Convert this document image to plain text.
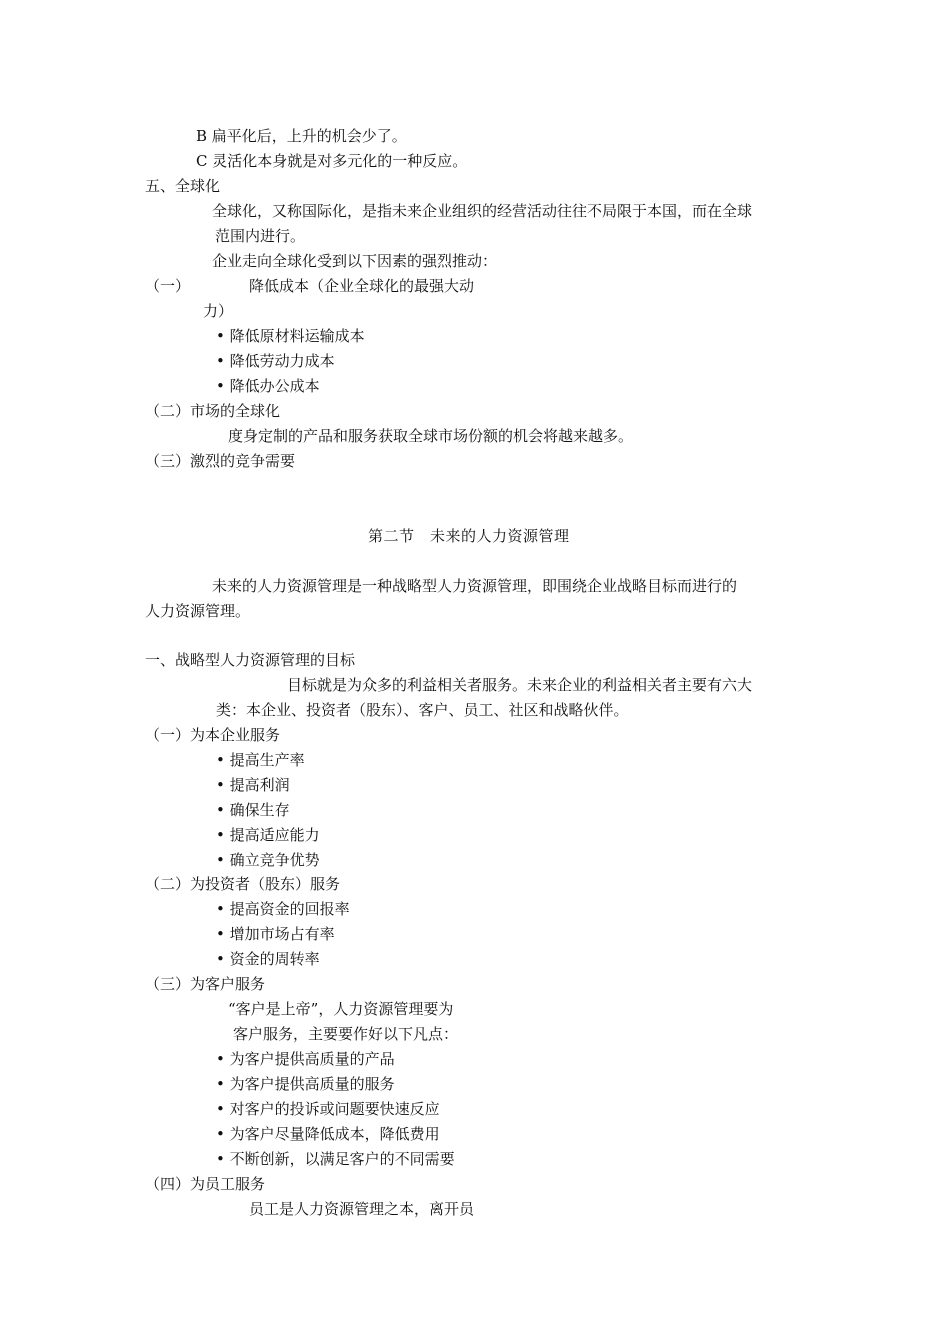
B 扁平化后，上升的机会少了。
C 灵活化本身就是对多元化的一种反应。
五、全球化
全球化，又称国际化，是指未来企业组织的经营活动往往不局限于本国，而在全球
范围内进行。
企业走向全球化受到以下因素的强烈推动：
（一）	降低成本（企业全球化的最强大动
力）
• 降低原材料运输成本
• 降低劳动力成本
• 降低办公成本
（二）市场的全球化
度身定制的产品和服务获取全球市场份额的机会将越来越多。
（三）激烈的竞争需要
第二节　未来的人力资源管理
未来的人力资源管理是一种战略型人力资源管理，即围绕企业战略目标而进行的
人力资源管理。
一、战略型人力资源管理的目标
目标就是为众多的利益相关者服务。未来企业的利益相关者主要有六大
类：本企业、投资者（股东）、客户、员工、社区和战略伙伴。
（一）为本企业服务
• 提高生产率
• 提高利润
• 确保生存
• 提高适应能力
• 确立竞争优势
（二）为投资者（股东）服务
• 提高资金的回报率
• 增加市场占有率
• 资金的周转率
（三）为客户服务
“客户是上帝”，人力资源管理要为
客户服务，主要要作好以下凡点：
• 为客户提供高质量的产品
• 为客户提供高质量的服务
• 对客户的投诉或问题要快速反应
• 为客户尽量降低成本，降低费用
• 不断创新，以满足客户的不同需要
（四）为员工服务
员工是人力资源管理之本，离开员
